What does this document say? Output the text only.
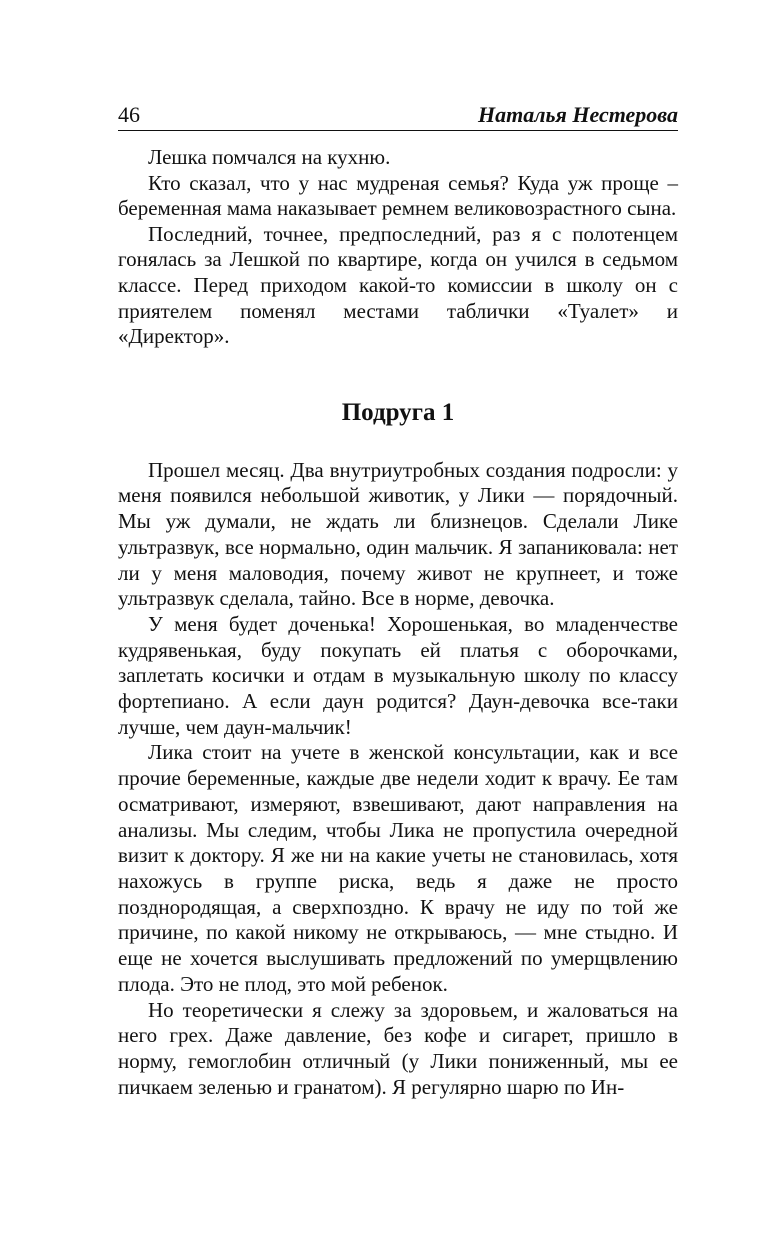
46	Наталья Нестерова

Лешка помчался на кухню.

Кто сказал, что у нас мудреная семья? Куда уж проще – беременная мама наказывает ремнем великовозрастного сына.

Последний, точнее, предпоследний, раз я с полотенцем гонялась за Лешкой по квартире, когда он учился в седьмом классе. Перед приходом какой-то комиссии в школу он с приятелем поменял местами таблички «Туалет» и «Директор».

Подруга 1

Прошел месяц. Два внутриутробных создания подросли: у меня появился небольшой животик, у Лики — порядочный. Мы уж думали, не ждать ли близнецов. Сделали Лике ультразвук, все нормально, один мальчик. Я запаниковала: нет ли у меня маловодия, почему живот не крупнеет, и тоже ультразвук сделала, тайно. Все в норме, девочка.

У меня будет доченька! Хорошенькая, во младенчестве кудрявенькая, буду покупать ей платья с оборочками, заплетать косички и отдам в музыкальную школу по классу фортепиано. А если даун родится? Даун-девочка все-таки лучше, чем даун-мальчик!

Лика стоит на учете в женской консультации, как и все прочие беременные, каждые две недели ходит к врачу. Ее там осматривают, измеряют, взвешивают, дают направления на анализы. Мы следим, чтобы Лика не пропустила очередной визит к доктору. Я же ни на какие учеты не становилась, хотя нахожусь в группе риска, ведь я даже не просто позднородящая, а сверхпоздно. К врачу не иду по той же причине, по какой никому не открываюсь, — мне стыдно. И еще не хочется выслушивать предложений по умерщвлению плода. Это не плод, это мой ребенок.

Но теоретически я слежу за здоровьем, и жаловаться на него грех. Даже давление, без кофе и сигарет, пришло в норму, гемоглобин отличный (у Лики пониженный, мы ее пичкаем зеленью и гранатом). Я регулярно шарю по Ин-
